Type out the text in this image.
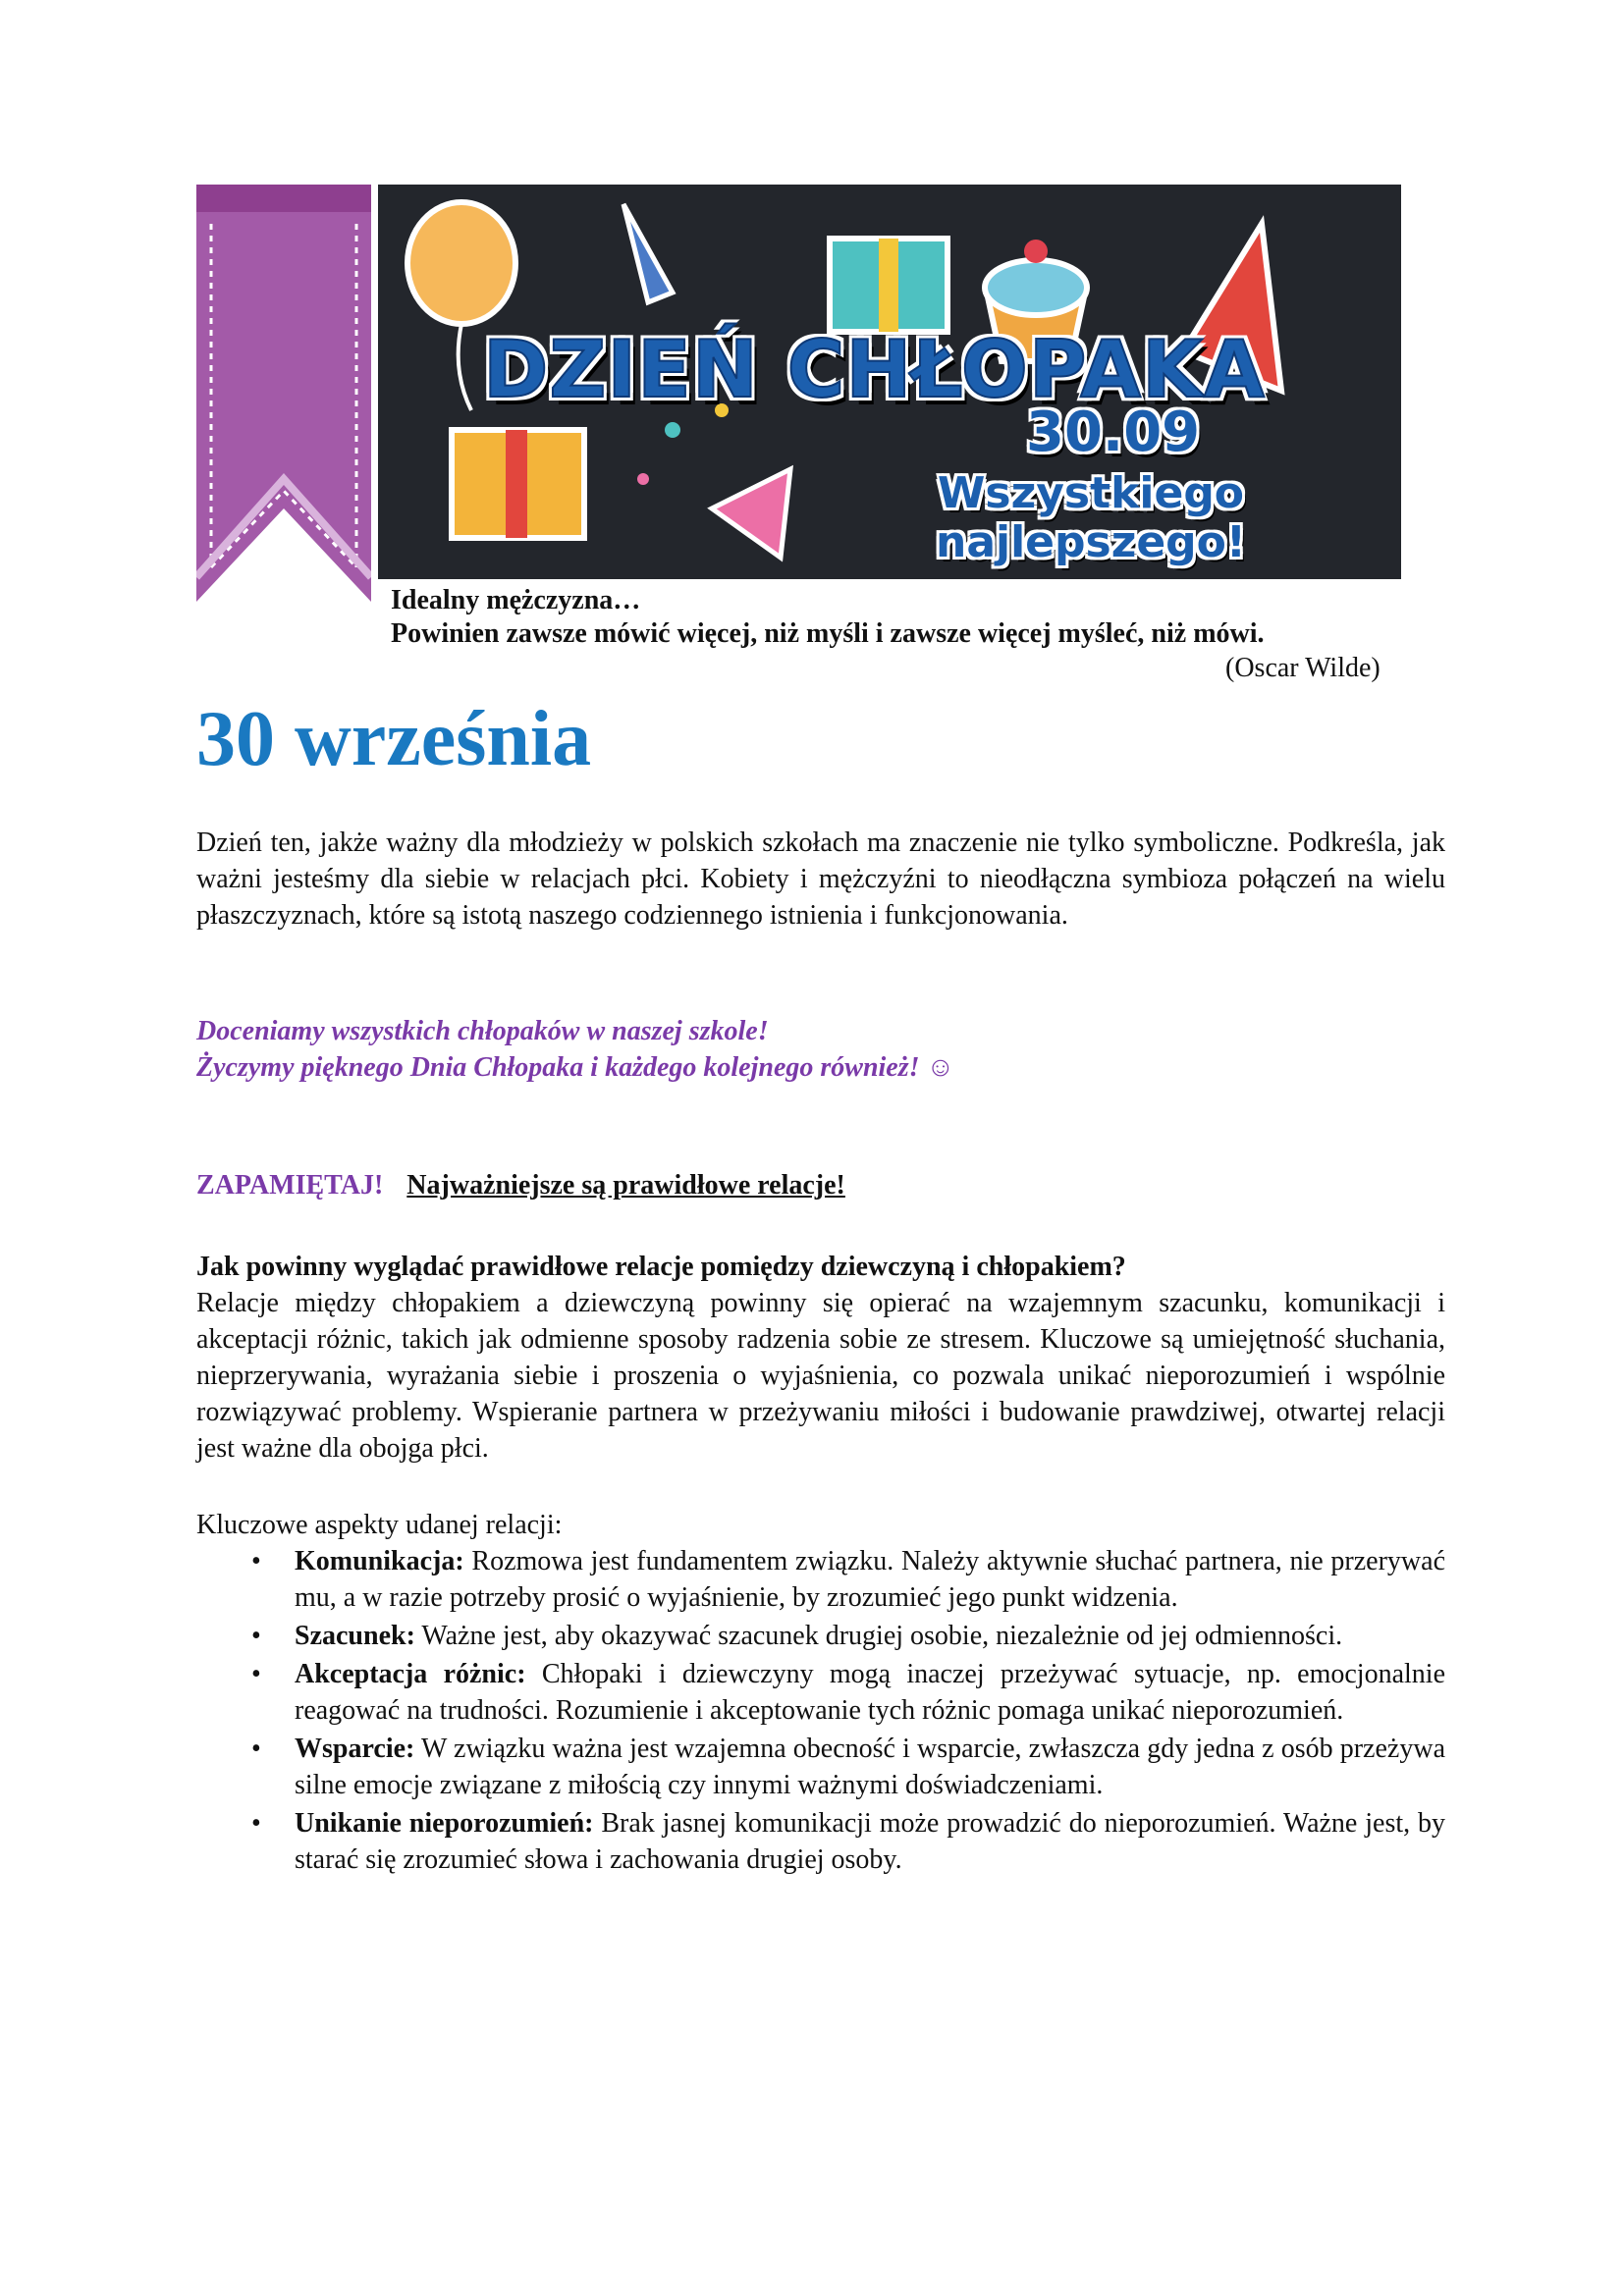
DZIEŃ CHŁOPAKA
30.09
Wszystkiego
najlepszego!
Idealny mężczyzna…
Powinien zawsze mówić więcej, niż myśli i zawsze więcej myśleć, niż mówi.
(Oscar Wilde)
30 września
Dzień ten, jakże ważny dla młodzieży w polskich szkołach ma znaczenie nie tylko symboliczne. Podkreśla, jak ważni jesteśmy dla siebie w relacjach płci. Kobiety i mężczyźni to nieodłączna symbioza połączeń na wielu płaszczyznach, które są istotą naszego codziennego istnienia i funkcjonowania.
Doceniamy wszystkich chłopaków w naszej szkole!
Życzymy pięknego Dnia Chłopaka i każdego kolejnego również! ☺
ZAPAMIĘTAJ! Najważniejsze są prawidłowe relacje!
Jak powinny wyglądać prawidłowe relacje pomiędzy dziewczyną i chłopakiem?
Relacje między chłopakiem a dziewczyną powinny się opierać na wzajemnym szacunku, komunikacji i akceptacji różnic, takich jak odmienne sposoby radzenia sobie ze stresem. Kluczowe są umiejętność słuchania, nieprzerywania, wyrażania siebie i proszenia o wyjaśnienia, co pozwala unikać nieporozumień i wspólnie rozwiązywać problemy. Wspieranie partnera w przeżywaniu miłości i budowanie prawdziwej, otwartej relacji jest ważne dla obojga płci.
Kluczowe aspekty udanej relacji:
• Komunikacja: Rozmowa jest fundamentem związku. Należy aktywnie słuchać partnera, nie przerywać mu, a w razie potrzeby prosić o wyjaśnienie, by zrozumieć jego punkt widzenia.
• Szacunek: Ważne jest, aby okazywać szacunek drugiej osobie, niezależnie od jej odmienności.
• Akceptacja różnic: Chłopaki i dziewczyny mogą inaczej przeżywać sytuacje, np. emocjonalnie reagować na trudności. Rozumienie i akceptowanie tych różnic pomaga unikać nieporozumień.
• Wsparcie: W związku ważna jest wzajemna obecność i wsparcie, zwłaszcza gdy jedna z osób przeżywa silne emocje związane z miłością czy innymi ważnymi doświadczeniami.
• Unikanie nieporozumień: Brak jasnej komunikacji może prowadzić do nieporozumień. Ważne jest, by starać się zrozumieć słowa i zachowania drugiej osoby.
